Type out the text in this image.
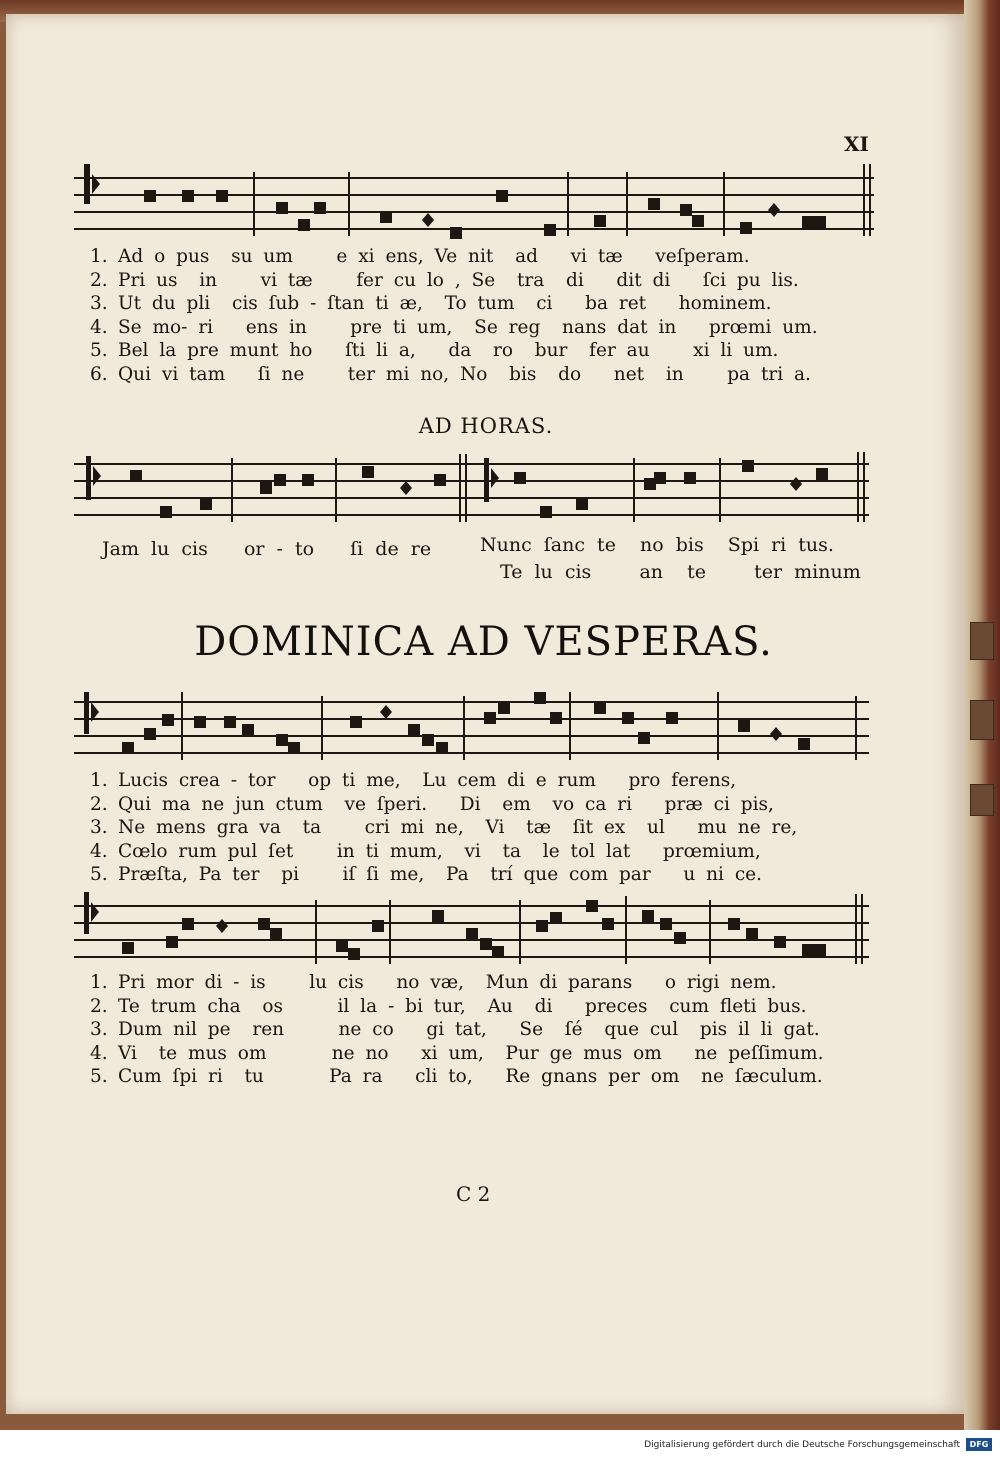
XI
1. Ad o pus  su um    e xi ens, Ve nit  ad   vi tæ   veſperam.
2. Pri us  in    vi tæ    fer cu lo , Se  tra  di   dit di   ſci pu lis.
3. Ut du pli  cis ſub - ſtan ti æ,  To tum  ci   ba ret   hominem.
4. Se mo- ri   ens in    pre ti um,  Se reg  nans dat in   prœmi um.
5. Bel la pre munt ho   ſti li a,   da  ro  bur  fer au    xi li um.
6. Qui vi tam   ſi ne    ter mi no, No  bis  do   net  in    pa tri a.
AD HORAS.
Jam lu cis   or - to   ſi de re	Nunc ſanc te  no bis  Spi ri tus.
Te lu cis    an  te    ter minum
DOMINICA AD VESPERAS.
1. Lucis crea - tor   op ti me,  Lu cem di e rum   pro ferens,
2. Qui ma ne jun ctum  ve ſperi.   Di  em  vo ca ri   præ ci pis,
3. Ne mens gra va  ta    cri mi ne,  Vi  tæ  ſit ex  ul   mu ne re,
4. Cœlo rum pul ſet    in ti mum,  vi  ta  le tol lat   prœmium,
5. Præſta, Pa ter  pi    iſ ſi me,  Pa  trí que com par   u ni ce.
1. Pri mor di - is    lu cis   no væ,  Mun di parans   o rigi nem.
2. Te trum cha  os     il la - bi tur,  Au  di   preces  cum fleti bus.
3. Dum nil pe  ren     ne co   gi tat,   Se  ſé  que cul  pis il li gat.
4. Vi  te mus om      ne no   xi um,  Pur ge mus om   ne peſſimum.
5. Cum ſpi ri  tu      Pa ra   cli to,   Re gnans per om  ne ſæculum.
C 2
Digitalisierung gefördert durch die Deutsche Forschungsgemeinschaft	DFG
